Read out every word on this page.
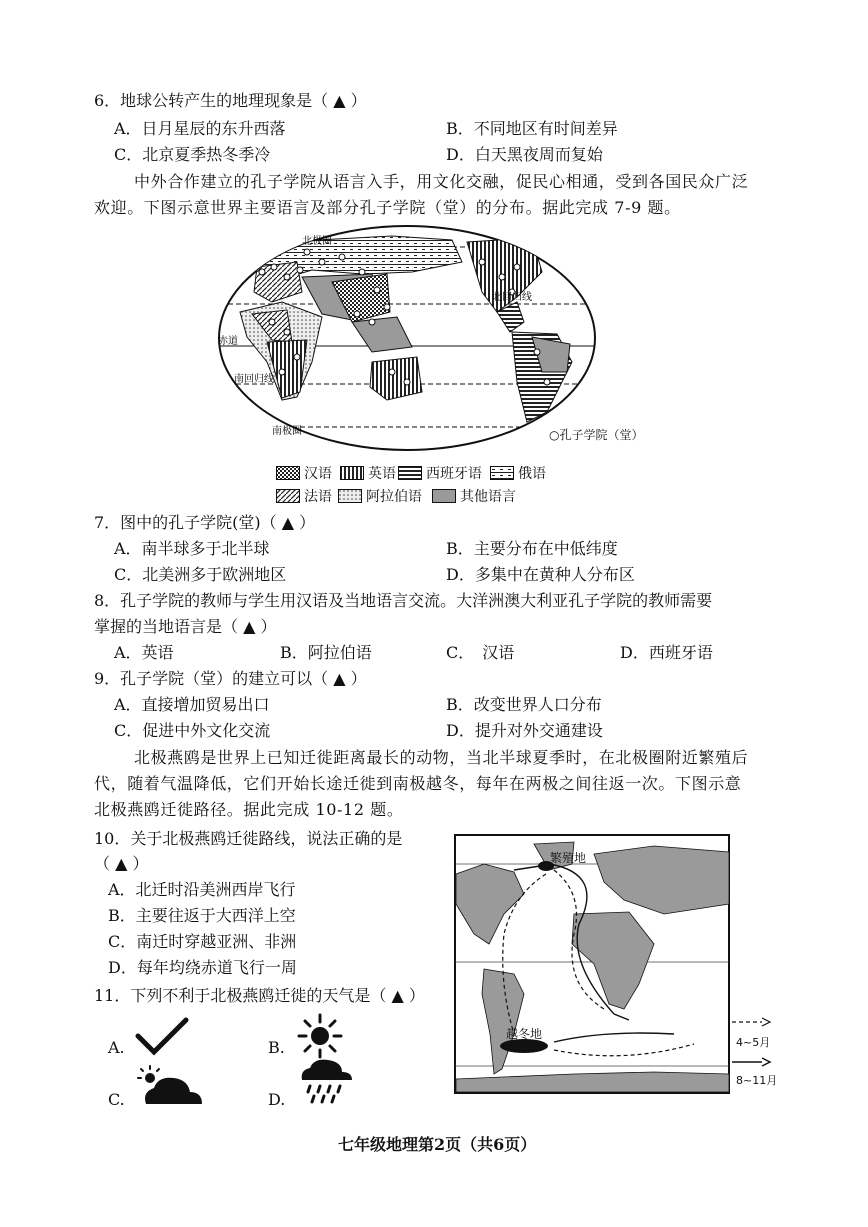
6．地球公转产生的地理现象是（ ▲ ）
A．日月星辰的东升西落	B．不同地区有时间差异
C．北京夏季热冬季冷	D．白天黑夜周而复始
中外合作建立的孔子学院从语言入手，用文化交融，促民心相通，受到各国民众广泛
欢迎。下图示意世界主要语言及部分孔子学院（堂）的分布。据此完成 7-9 题。
北回归线
赤道
南回归线
南极圈
北极圈
○孔子学院（堂）
汉语	英语 西班牙语	俄语
法语 阿拉伯语	其他语言
7．图中的孔子学院(堂)（ ▲ ）
A．南半球多于北半球	B．主要分布在中低纬度
C．北美洲多于欧洲地区	D．多集中在黄种人分布区
8．孔子学院的教师与学生用汉语及当地语言交流。大洋洲澳大利亚孔子学院的教师需要
掌握的当地语言是（ ▲ ）
A．英语	B．阿拉伯语	C．　汉语	D．西班牙语
9．孔子学院（堂）的建立可以（ ▲ ）
A．直接增加贸易出口	B．改变世界人口分布
C．促进中外文化交流	D．提升对外交通建设
北极燕鸥是世界上已知迁徙距离最长的动物，当北半球夏季时，在北极圈附近繁殖后
代，随着气温降低，它们开始长途迁徙到南极越冬，每年在两极之间往返一次。下图示意
北极燕鸥迁徙路径。据此完成 10-12 题。
10．关于北极燕鸥迁徙路线，说法正确的是
（ ▲ ）
A．北迁时沿美洲西岸飞行
B．主要往返于大西洋上空
C．南迁时穿越亚洲、非洲
D．每年均绕赤道飞行一周
11．下列不利于北极燕鸥迁徙的天气是（ ▲ ）
A.	B.
C.	D.
繁殖地
越冬地
4~5月
8~11月
七年级地理第2页（共6页）
